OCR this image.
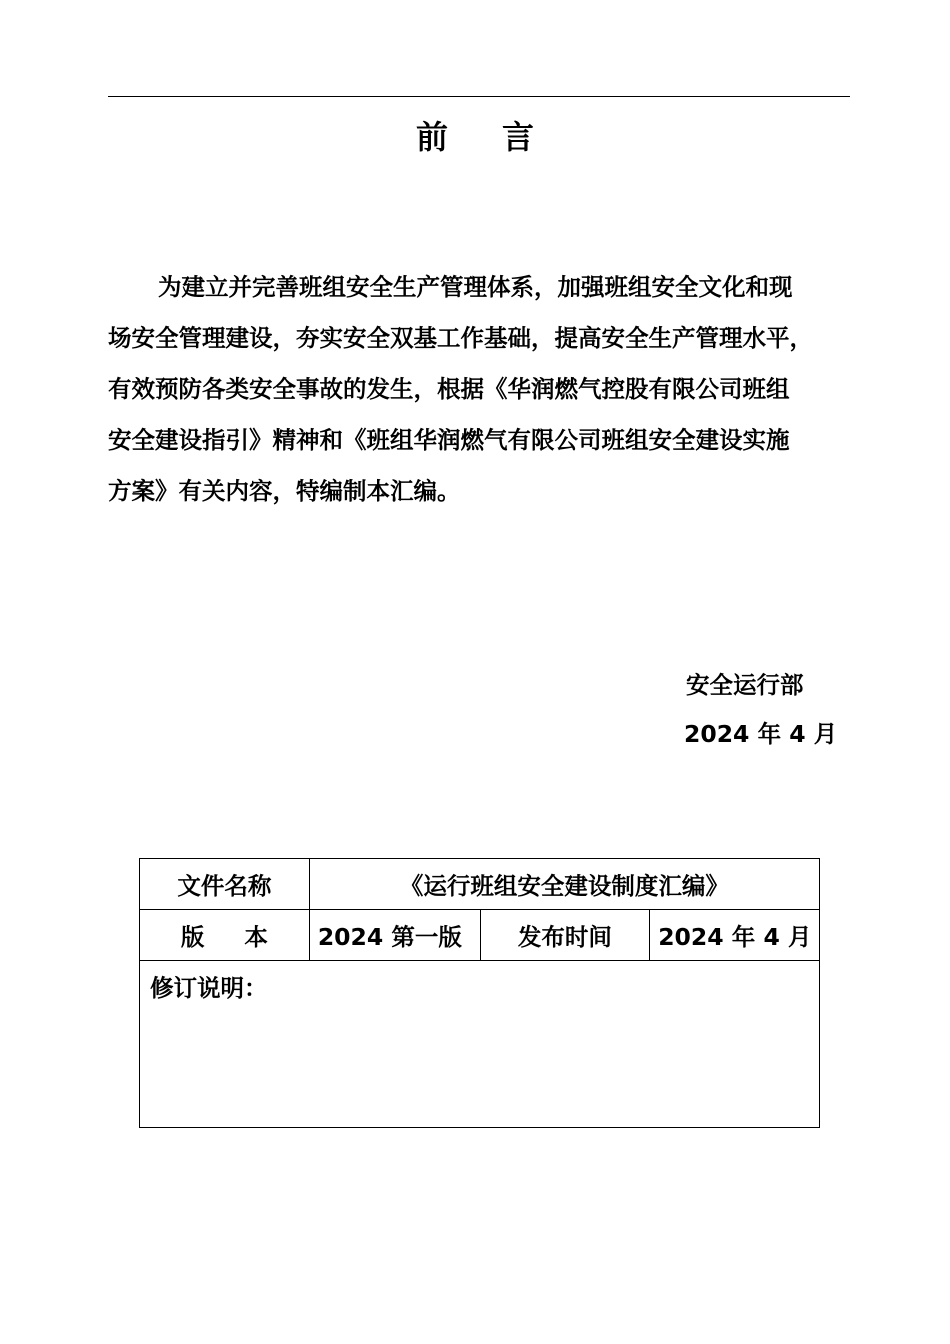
前言
为建立并完善班组安全生产管理体系，加强班组安全文化和现
场安全管理建设，夯实安全双基工作基础，提高安全生产管理水平，
有效预防各类安全事故的发生，根据《华润燃气控股有限公司班组
安全建设指引》精神和《班组华润燃气有限公司班组安全建设实施
方案》有关内容，特编制本汇编。
安全运行部
2024 年 4 月
文件名称	《运行班组安全建设制度汇编》		
版本	2024 第一版	发布时间	2024 年 4 月
修订说明：			
